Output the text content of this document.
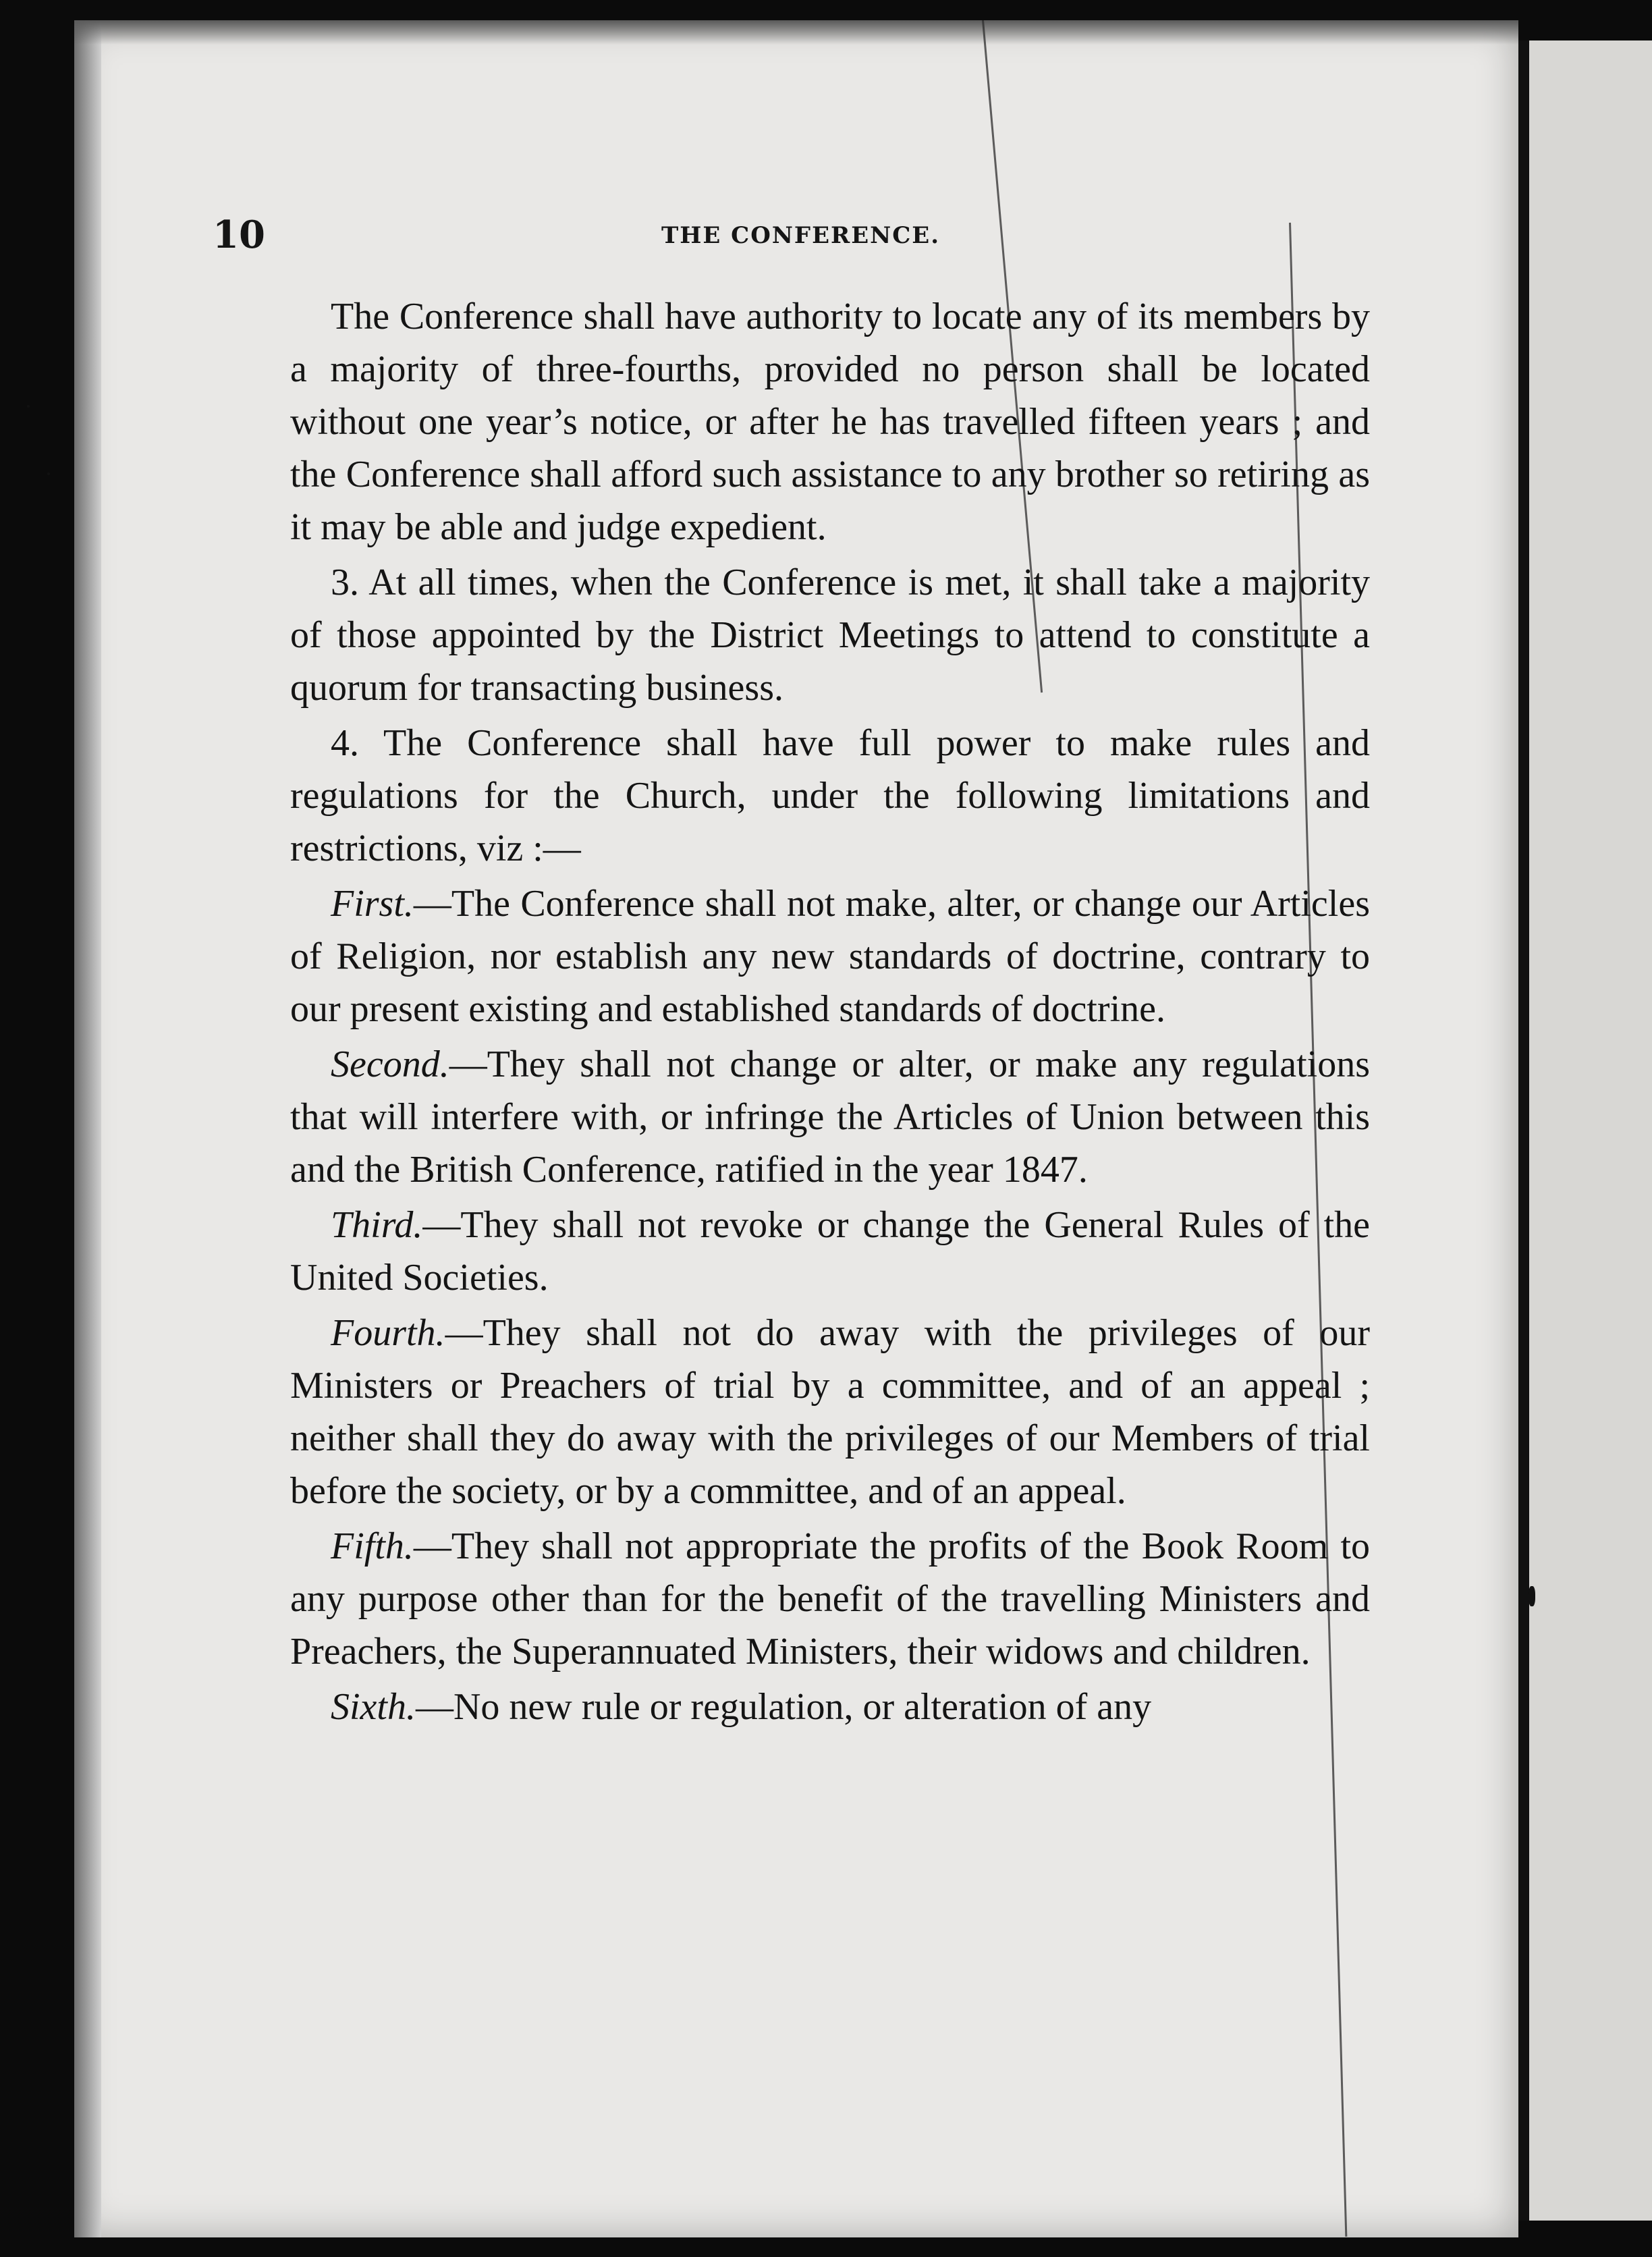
10	THE CONFERENCE.

The Conference shall have authority to locate any of its members by a majority of three-fourths, provided no person shall be located without one year’s notice, or after he has travelled fifteen years ; and the Conference shall afford such assistance to any brother so retiring as it may be able and judge expedient.

3. At all times, when the Conference is met, it shall take a majority of those appointed by the District Meetings to attend to constitute a quorum for transacting business.

4. The Conference shall have full power to make rules and regulations for the Church, under the following limitations and restrictions, viz :—

First.—The Conference shall not make, alter, or change our Articles of Religion, nor establish any new standards of doctrine, contrary to our present existing and established standards of doctrine.

Second.—They shall not change or alter, or make any regulations that will interfere with, or infringe the Articles of Union between this and the British Conference, ratified in the year 1847.

Third.—They shall not revoke or change the General Rules of the United Societies.

Fourth.—They shall not do away with the privileges of our Ministers or Preachers of trial by a committee, and of an appeal ; neither shall they do away with the privileges of our Members of trial before the society, or by a committee, and of an appeal.

Fifth.—They shall not appropriate the profits of the Book Room to any purpose other than for the benefit of the travelling Ministers and Preachers, the Superannuated Ministers, their widows and children.

Sixth.—No new rule or regulation, or alteration of any
